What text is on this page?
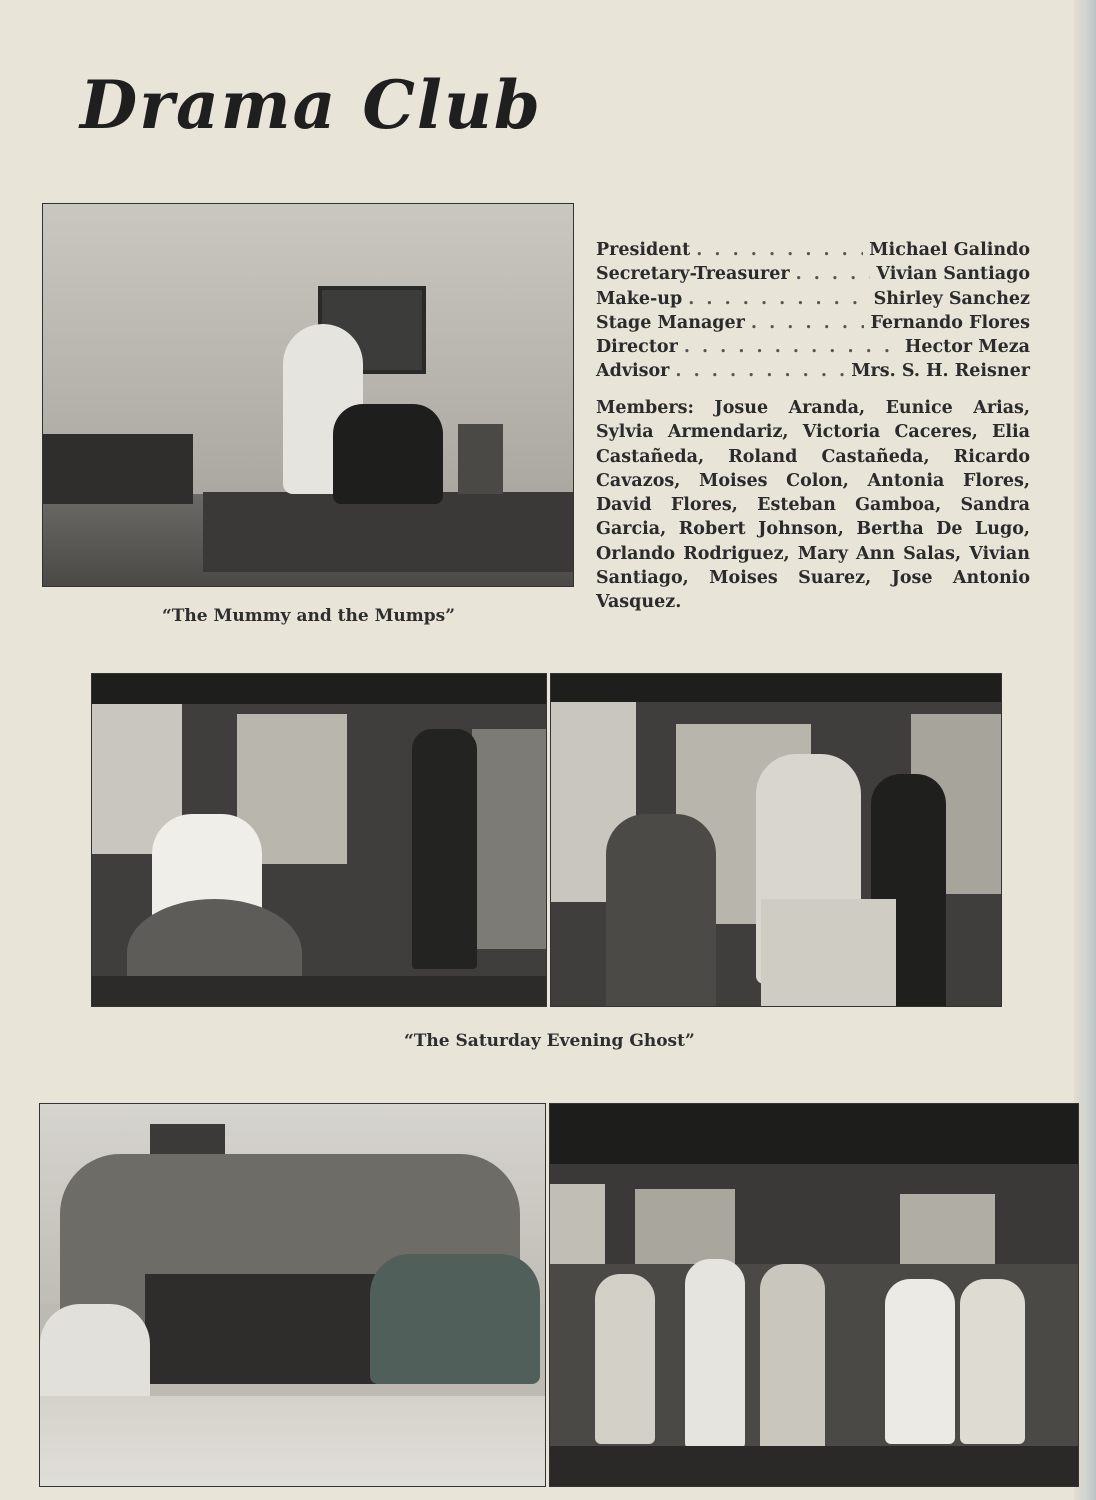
Drama Club
“The Mummy and the Mumps”
President . . .	Michael Galindo
Secretary-Treasurer . . .	Vivian Santiago
Make-up . . .	Shirley Sanchez
Stage Manager . . .	Fernando Flores
Director . . .	Hector Meza
Advisor . . .	Mrs. S. H. Reisner
Members: Josue Aranda, Eunice Arias, Sylvia Armendariz, Victoria Caceres, Elia Castañeda, Roland Castañeda, Ricardo Cavazos, Moises Colon, Antonia Flores, David Flores, Esteban Gamboa, Sandra Garcia, Robert Johnson, Bertha De Lugo, Orlando Rodriguez, Mary Ann Salas, Vivian Santiago, Moises Suarez, Jose Antonio Vasquez.
“The Saturday Evening Ghost”
